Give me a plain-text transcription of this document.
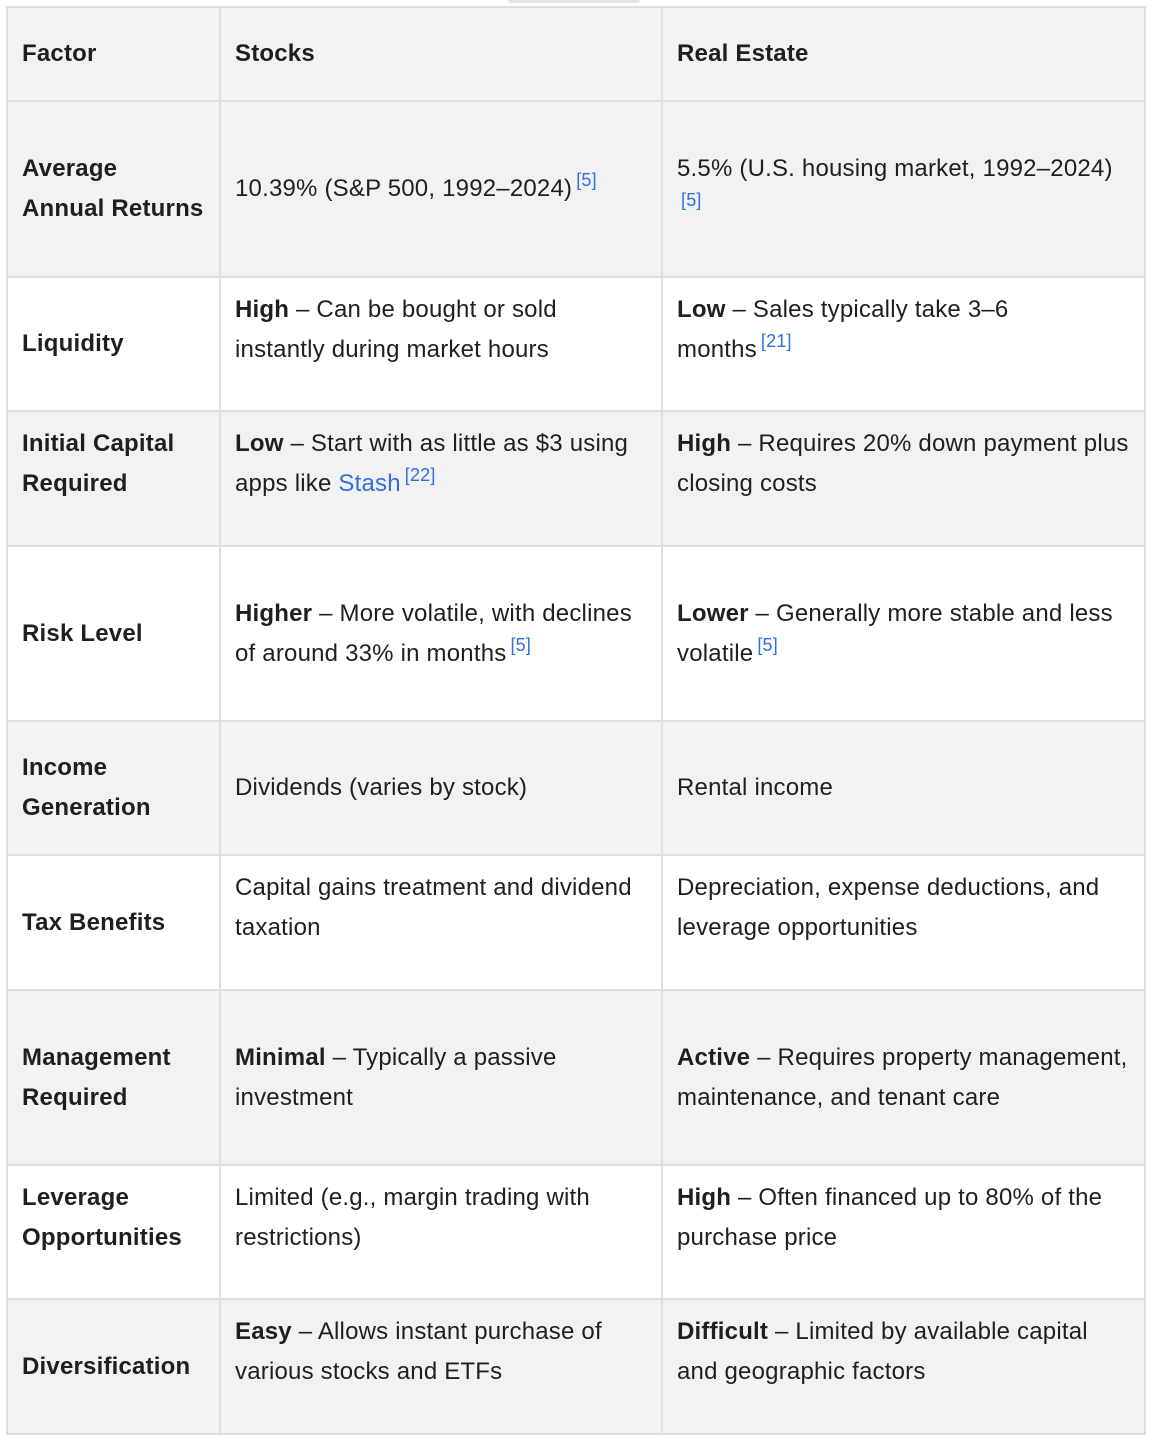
Factor	Stocks	Real Estate
Average Annual Returns	10.39% (S&P 500, 1992–2024) [5]	5.5% (U.S. housing market, 1992–2024)[5]
Liquidity	High – Can be bought or sold instantly during market hours	Low – Sales typically take 3–6 months [21]
Initial Capital Required	Low – Start with as little as $3 using apps like Stash [22]	High – Requires 20% down payment plus closing costs
Risk Level	Higher – More volatile, with declines of around 33% in months [5]	Lower – Generally more stable and less volatile [5]
Income Generation	Dividends (varies by stock)	Rental income
Tax Benefits	Capital gains treatment and dividend taxation	Depreciation, expense deductions, and leverage opportunities
Management Required	Minimal – Typically a passive investment	Active – Requires property management, maintenance, and tenant care
Leverage Opportunities	Limited (e.g., margin trading with restrictions)	High – Often financed up to 80% of the purchase price
Diversification	Easy – Allows instant purchase of various stocks and ETFs	Difficult – Limited by available capital and geographic factors
